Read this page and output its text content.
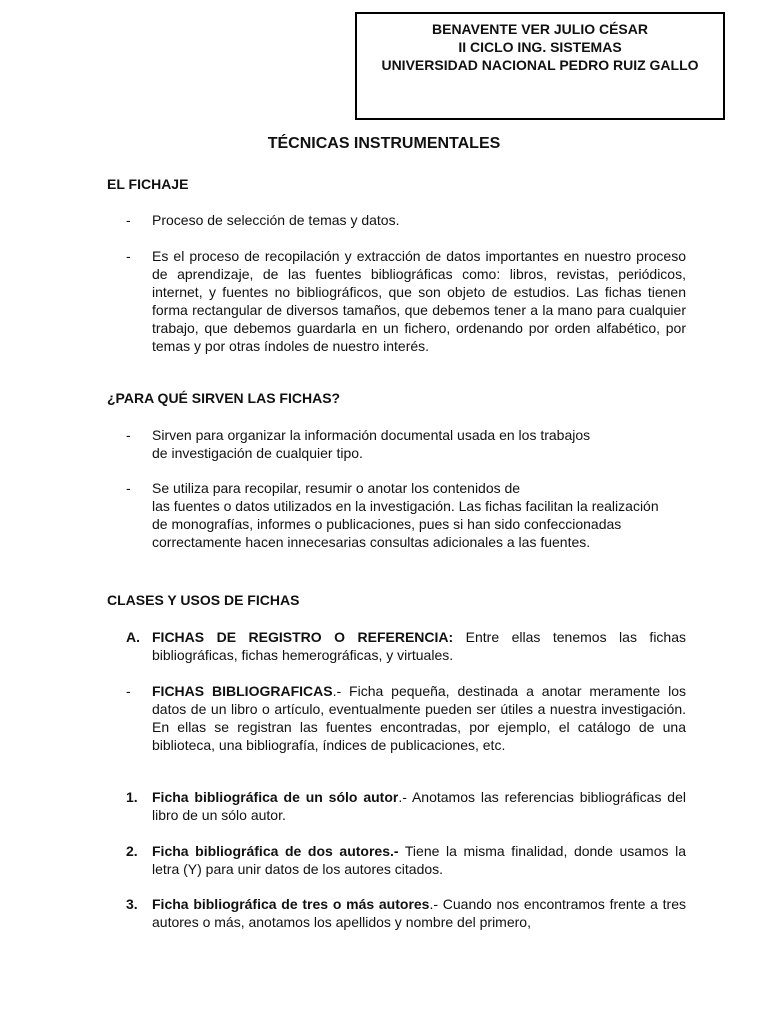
BENAVENTE VER JULIO CÉSAR
II CICLO ING. SISTEMAS
UNIVERSIDAD NACIONAL PEDRO RUIZ GALLO
TÉCNICAS INSTRUMENTALES
EL FICHAJE
- Proceso de selección de temas y datos.
- Es el proceso de recopilación y extracción de datos importantes en nuestro proceso de aprendizaje, de las fuentes bibliográficas como: libros, revistas, periódicos, internet, y fuentes no bibliográficos, que son objeto de estudios. Las fichas tienen forma rectangular de diversos tamaños, que debemos tener a la mano para cualquier trabajo, que debemos guardarla en un fichero, ordenando por orden alfabético, por temas y por otras índoles de nuestro interés.
¿PARA QUÉ SIRVEN LAS FICHAS?
- Sirven para organizar la información documental usada en los trabajos
de investigación de cualquier tipo.
- Se utiliza para recopilar, resumir o anotar los contenidos de
las fuentes o datos utilizados en la investigación. Las fichas facilitan la realización de monografías, informes o publicaciones, pues si han sido confeccionadas correctamente hacen innecesarias consultas adicionales a las fuentes.
CLASES Y USOS DE FICHAS
A. FICHAS DE REGISTRO O REFERENCIA: Entre ellas tenemos las fichas bibliográficas, fichas hemerográficas, y virtuales.
- FICHAS BIBLIOGRAFICAS.- Ficha pequeña, destinada a anotar meramente los datos de un libro o artículo, eventualmente pueden ser útiles a nuestra investigación. En ellas se registran las fuentes encontradas, por ejemplo, el catálogo de una biblioteca, una bibliografía, índices de publicaciones, etc.
1. Ficha bibliográfica de un sólo autor.- Anotamos las referencias bibliográficas del libro de un sólo autor.
2. Ficha bibliográfica de dos autores.- Tiene la misma finalidad, donde usamos la letra (Y) para unir datos de los autores citados.
3. Ficha bibliográfica de tres o más autores.- Cuando nos encontramos frente a tres autores o más, anotamos los apellidos y nombre del primero,
